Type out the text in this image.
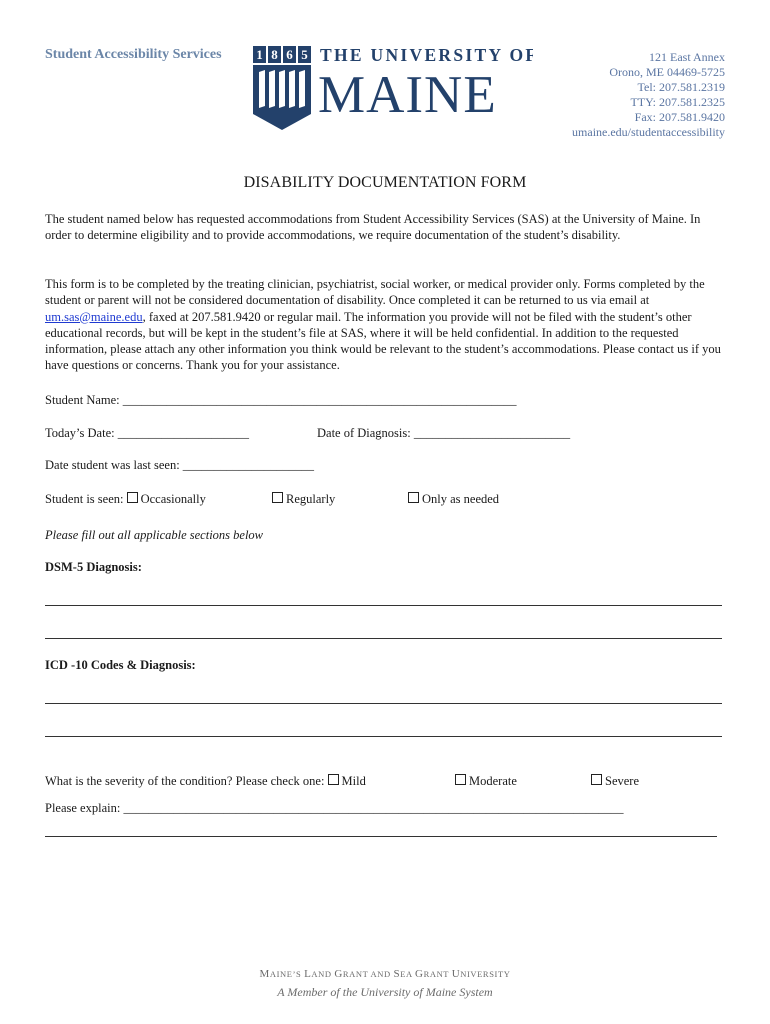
Student Accessibility Services	1 8 6 5 THE UNIVERSITY OF
MAINE
121 East Annex
Orono, ME 04469-5725
Tel: 207.581.2319
TTY: 207.581.2325
Fax: 207.581.9420
umaine.edu/studentaccessibility
DISABILITY DOCUMENTATION FORM
The student named below has requested accommodations from Student Accessibility Services (SAS) at the University of Maine. In order to determine eligibility and to provide accommodations, we require documentation of the student’s disability.
This form is to be completed by the treating clinician, psychiatrist, social worker, or medical provider only. Forms completed by the student or parent will not be considered documentation of disability. Once completed it can be returned to us via email at um.sas@maine.edu, faxed at 207.581.9420 or regular mail. The information you provide will not be filed with the student’s other educational records, but will be kept in the student’s file at SAS, where it will be held confidential. In addition to the requested information, please attach any other information you think would be relevant to the student’s accommodations. Please contact us if you have questions or concerns. Thank you for your assistance.
Student Name: _______________________________________________________________
Today’s Date: _____________________	Date of Diagnosis: _________________________
Date student was last seen: _____________________
Student is seen: Occasionally	Regularly	Only as needed
Please fill out all applicable sections below
DSM-5 Diagnosis:
ICD -10 Codes & Diagnosis:
What is the severity of the condition? Please check one: Mild	Moderate	Severe
Please explain: ________________________________________________________________________________
MAINE’S LAND GRANT AND SEA GRANT UNIVERSITY
A Member of the University of Maine System
